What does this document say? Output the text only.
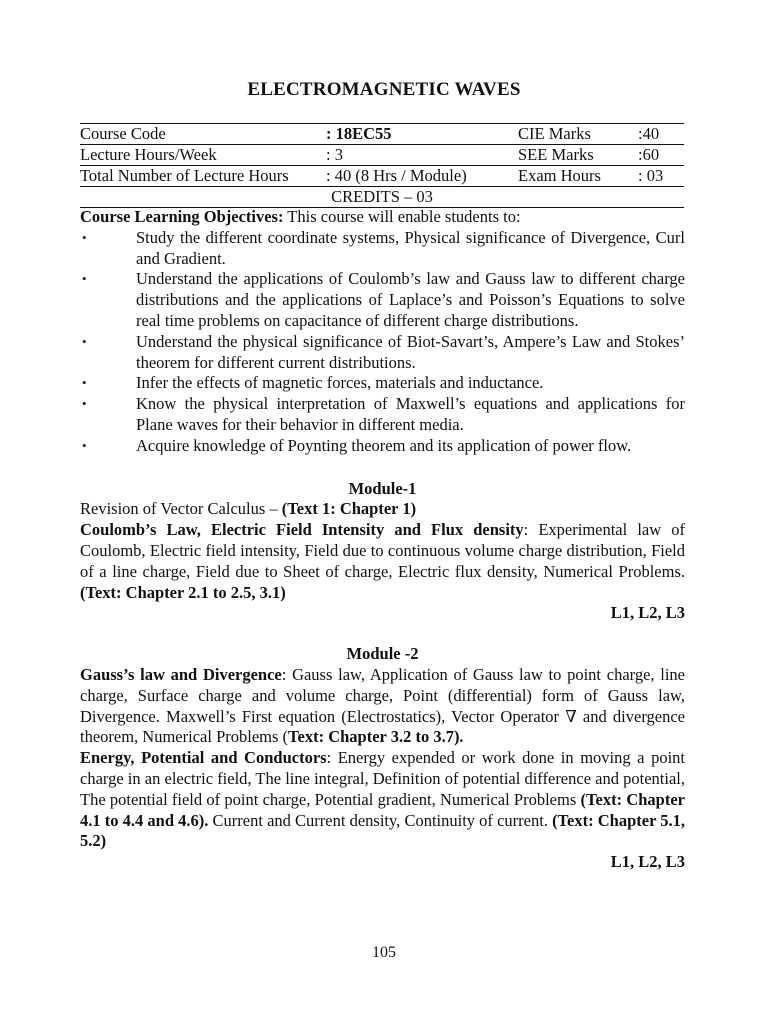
ELECTROMAGNETIC WAVES
Course Code	: 18EC55	CIE Marks	:40
Lecture Hours/Week	: 3	SEE Marks	:60
Total Number of Lecture Hours	: 40 (8 Hrs / Module)	Exam Hours	: 03
CREDITS – 03			

Course Learning Objectives: This course will enable students to:

•	Study the different coordinate systems, Physical significance of Divergence, Curl and Gradient.
•	Understand the applications of Coulomb’s law and Gauss law to different charge distributions and the applications of Laplace’s and Poisson’s Equations to solve real time problems on capacitance of different charge distributions.
•	Understand the physical significance of Biot-Savart’s, Ampere’s Law and Stokes’ theorem for different current distributions.
•	Infer the effects of magnetic forces, materials and inductance.
•	Know the physical interpretation of Maxwell’s equations and applications for Plane waves for their behavior in different media.
•	Acquire knowledge of Poynting theorem and its application of power flow.

Module-1

Revision of Vector Calculus – (Text 1: Chapter 1)

Coulomb’s Law, Electric Field Intensity and Flux density: Experimental law of Coulomb, Electric field intensity, Field due to continuous volume charge distribution, Field of a line charge, Field due to Sheet of charge, Electric flux density, Numerical Problems. (Text: Chapter 2.1 to 2.5, 3.1)

L1, L2, L3

Module -2

Gauss’s law and Divergence: Gauss law, Application of Gauss law to point charge, line charge, Surface charge and volume charge, Point (differential) form of Gauss law, Divergence. Maxwell’s First equation (Electrostatics), Vector Operator ∇ and divergence theorem, Numerical Problems (Text: Chapter 3.2 to 3.7).

Energy, Potential and Conductors: Energy expended or work done in moving a point charge in an electric field, The line integral, Definition of potential difference and potential, The potential field of point charge, Potential gradient, Numerical Problems (Text: Chapter 4.1 to 4.4 and 4.6). Current and Current density, Continuity of current. (Text: Chapter 5.1, 5.2)

L1, L2, L3

105
